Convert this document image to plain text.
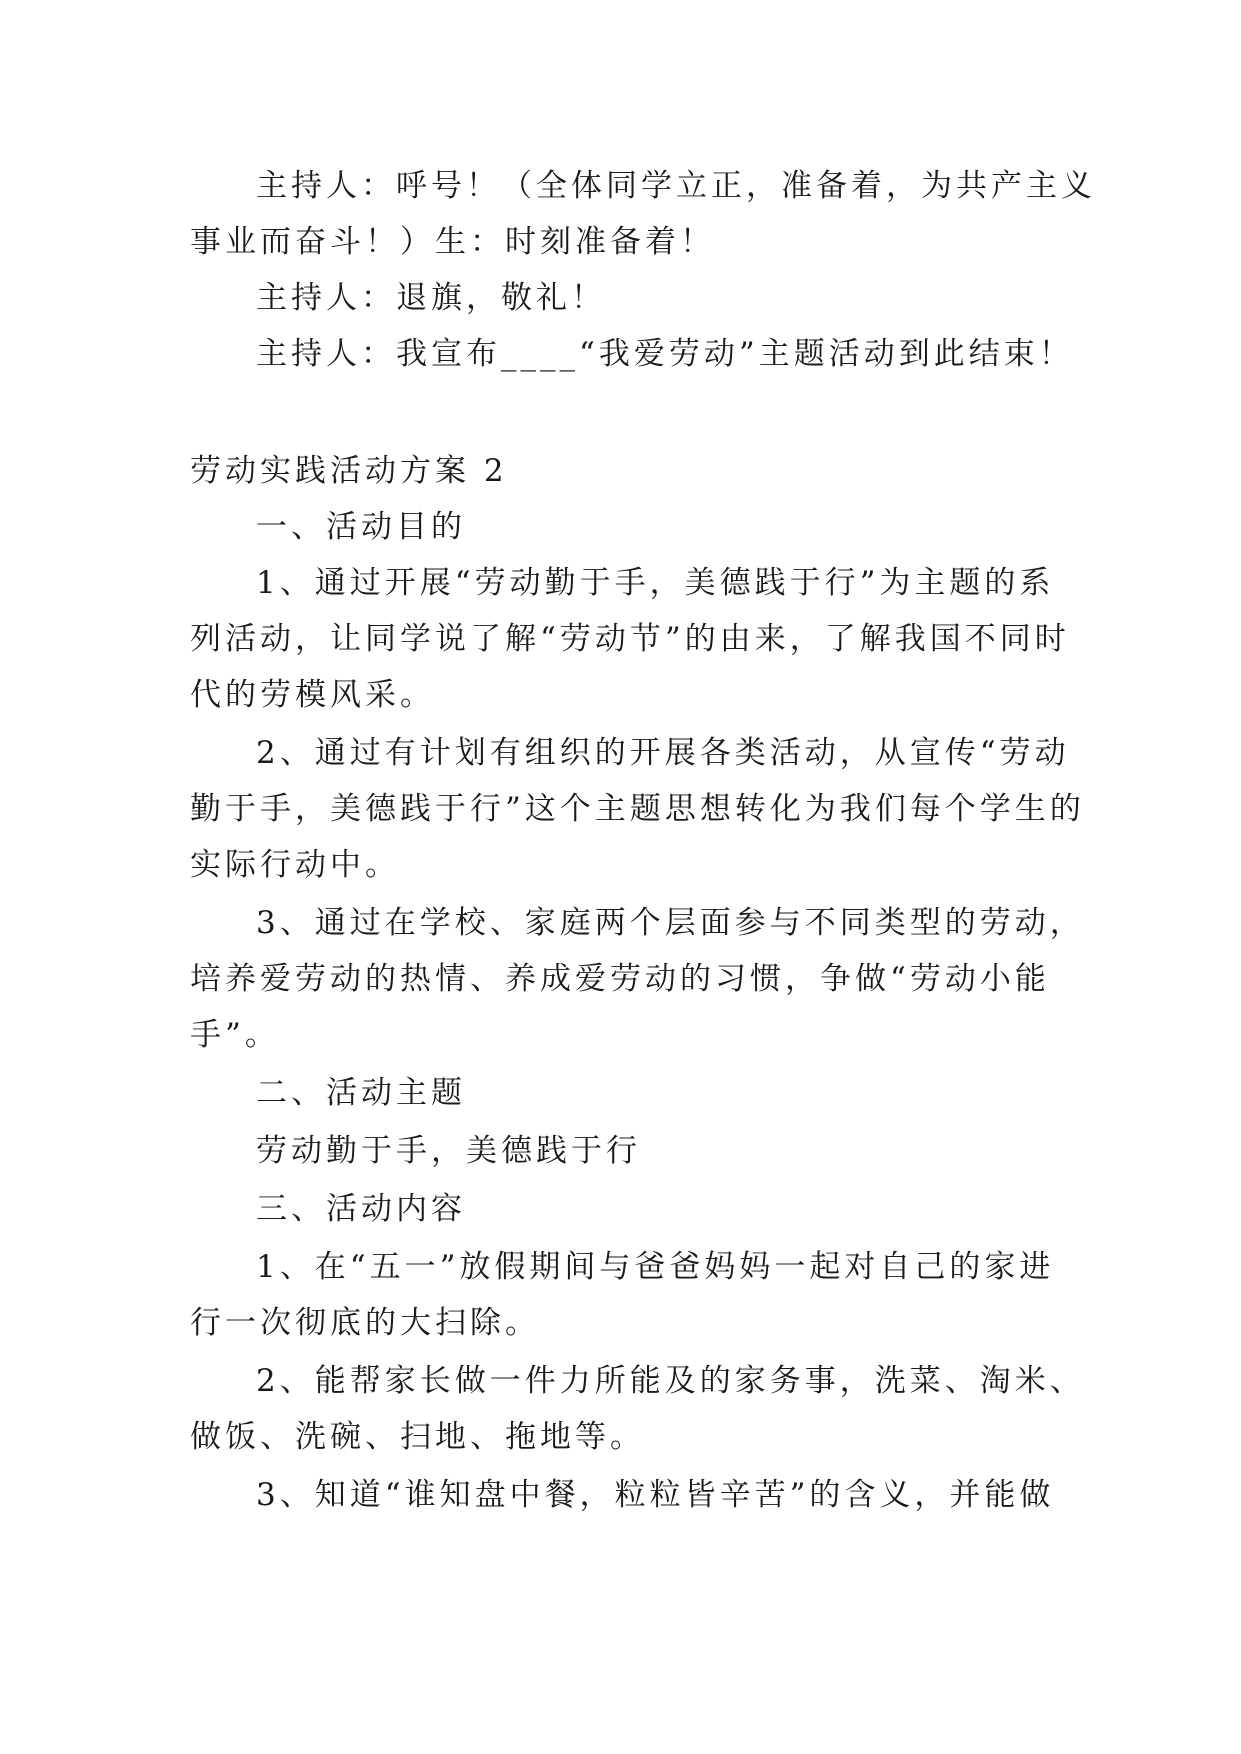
主持人：呼号！（全体同学立正，准备着，为共产主义
事业而奋斗！）生：时刻准备着！
主持人：退旗，敬礼！
主持人：我宣布____“我爱劳动”主题活动到此结束！
劳动实践活动方案 2
一、活动目的
1、通过开展“劳动勤于手，美德践于行”为主题的系
列活动，让同学说了解“劳动节”的由来，了解我国不同时
代的劳模风采。
2、通过有计划有组织的开展各类活动，从宣传“劳动
勤于手，美德践于行”这个主题思想转化为我们每个学生的
实际行动中。
3、通过在学校、家庭两个层面参与不同类型的劳动，
培养爱劳动的热情、养成爱劳动的习惯，争做“劳动小能
手”。
二、活动主题
劳动勤于手，美德践于行
三、活动内容
1、在“五一”放假期间与爸爸妈妈一起对自己的家进
行一次彻底的大扫除。
2、能帮家长做一件力所能及的家务事，洗菜、淘米、
做饭、洗碗、扫地、拖地等。
3、知道“谁知盘中餐，粒粒皆辛苦”的含义，并能做
